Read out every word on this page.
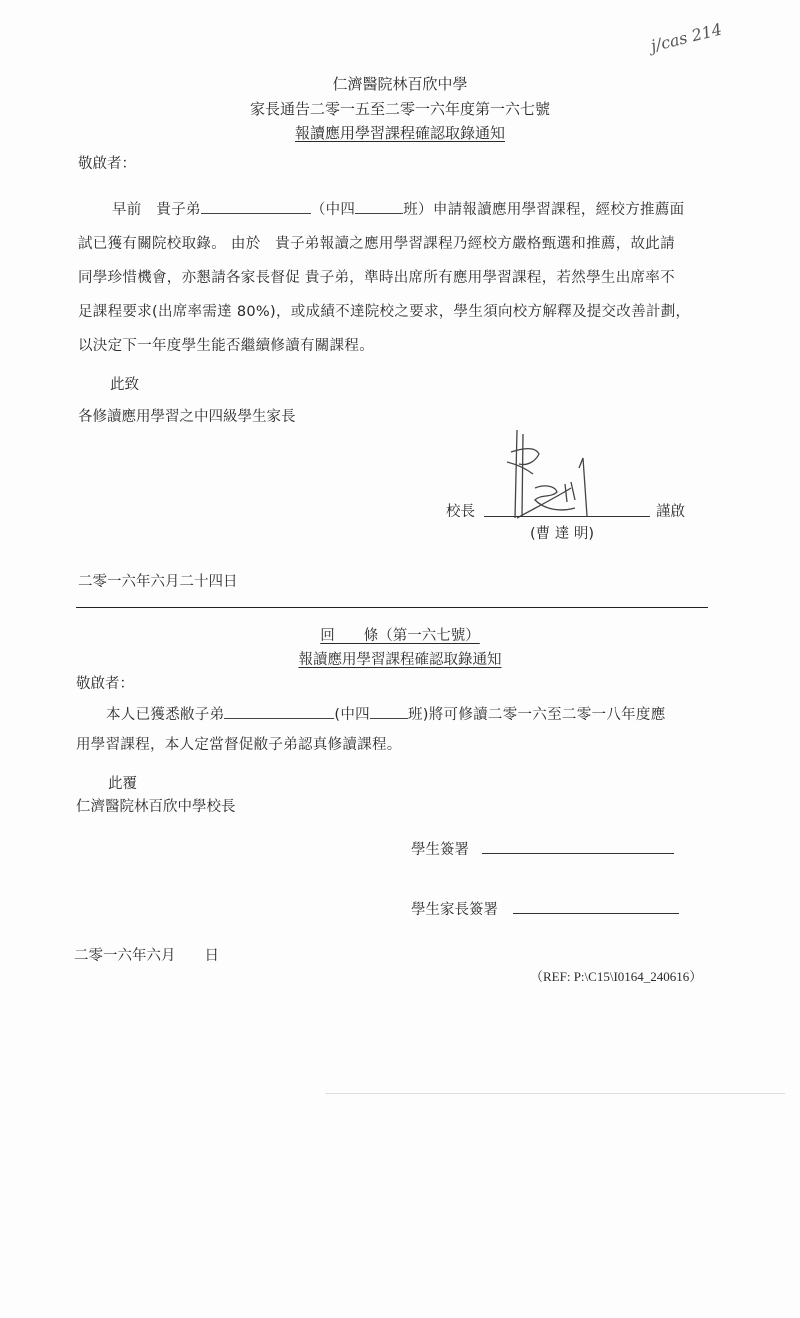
j/cas 214
仁濟醫院林百欣中學
家長通告二零一五至二零一六年度第一六七號
報讀應用學習課程確認取錄通知
敬啟者：
早前　貴子弟	（中四	班）申請報讀應用學習課程，經校方推薦面
試已獲有關院校取錄。 由於　貴子弟報讀之應用學習課程乃經校方嚴格甄選和推薦，故此請
同學珍惜機會，亦懇請各家長督促 貴子弟，準時出席所有應用學習課程，若然學生出席率不
足課程要求(出席率需達 80%)，或成績不達院校之要求，學生須向校方解釋及提交改善計劃，
以決定下一年度學生能否繼續修讀有關課程。
此致
各修讀應用學習之中四級學生家長
校長	謹啟
(曹 達 明)
二零一六年六月二十四日
回　　條（第一六七號）
報讀應用學習課程確認取錄通知
敬啟者：
本人已獲悉敝子弟	(中四	班)將可修讀二零一六至二零一八年度應
用學習課程，本人定當督促敝子弟認真修讀課程。
此覆
仁濟醫院林百欣中學校長
學生簽署
學生家長簽署
二零一六年六月　　日
（REF: P:\C15\I0164_240616）
